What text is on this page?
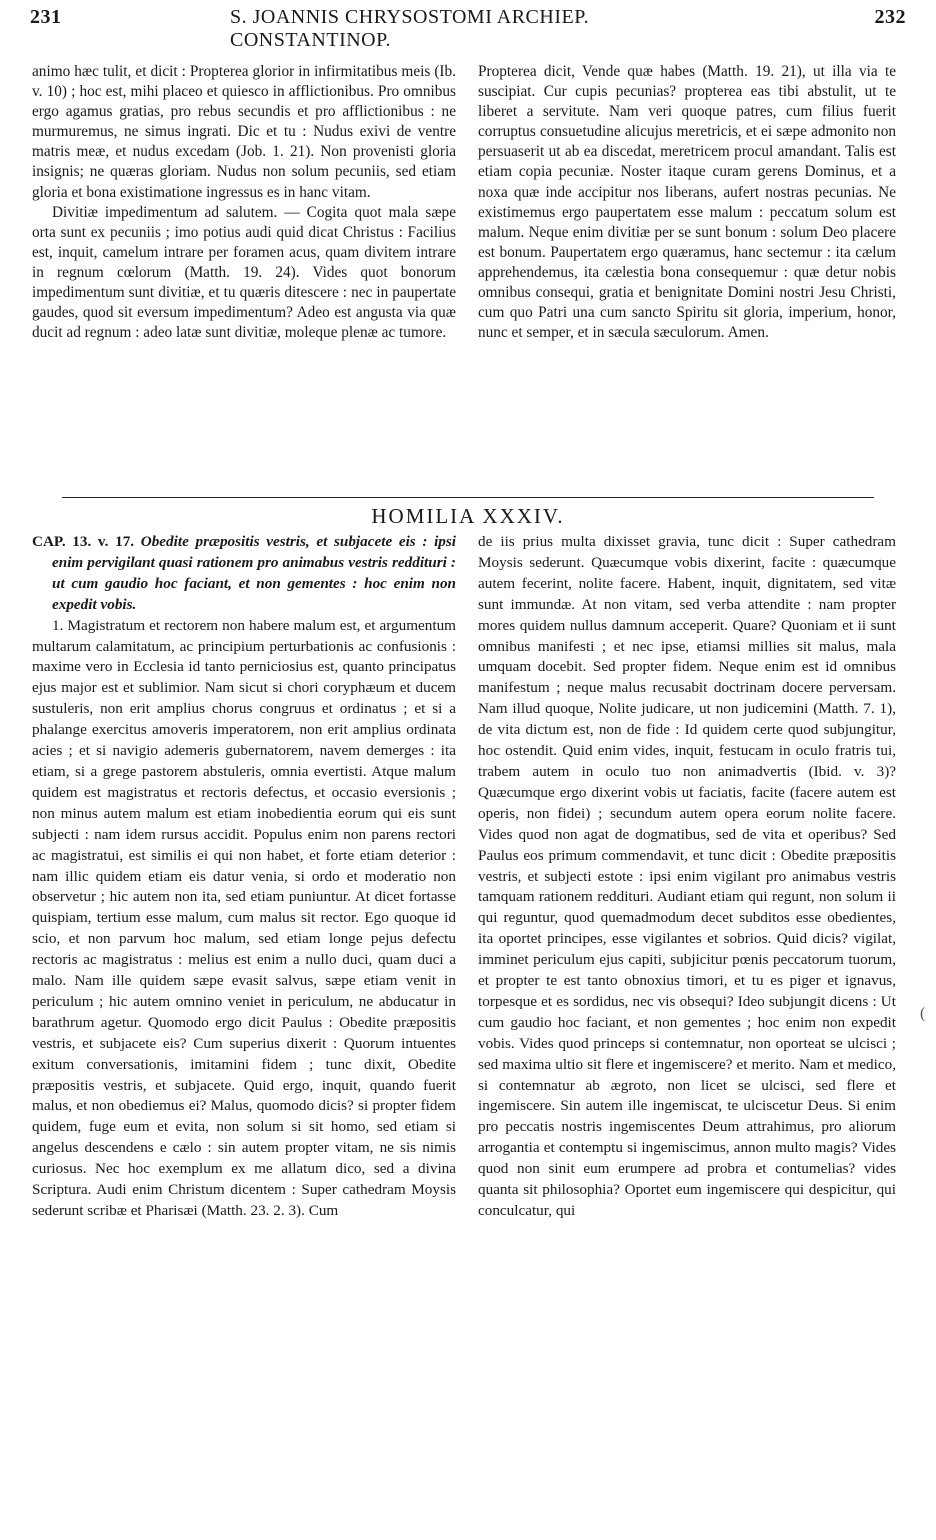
231	S. JOANNIS CHRYSOSTOMI ARCHIEP. CONSTANTINOP.
232

animo hæc tulit, et dicit : Propterea glorior in infirmitatibus meis (Ib. v. 10) ; hoc est, mihi placeo et quiesco in afflictionibus. Pro omnibus ergo agamus gratias, pro rebus secundis et pro afflictionibus : ne murmuremus, ne simus ingrati. Dic et tu : Nudus exivi de ventre matris meæ, et nudus excedam (Job. 1. 21). Non provenisti gloria insignis; ne quæras gloriam. Nudus non solum pecuniis, sed etiam gloria et bona existimatione ingressus es in hanc vitam.

Divitiæ impedimentum ad salutem. — Cogita quot mala sæpe orta sunt ex pecuniis ; imo potius audi quid dicat Christus : Facilius est, inquit, camelum intrare per foramen acus, quam divitem intrare in regnum cœlorum (Matth. 19. 24). Vides quot bonorum impedimentum sunt divitiæ, et tu quæris ditescere : nec in paupertate gaudes, quod sit eversum impedimentum? Adeo est angusta via quæ ducit ad regnum : adeo latæ sunt divitiæ, moleque plenæ ac tumore.

Propterea dicit, Vende quæ habes (Matth. 19. 21), ut illa via te suscipiat. Cur cupis pecunias? propterea eas tibi abstulit, ut te liberet a servitute. Nam veri quoque patres, cum filius fuerit corruptus consuetudine alicujus meretricis, et ei sæpe admonito non persuaserit ut ab ea discedat, meretricem procul amandant. Talis est etiam copia pecuniæ. Noster itaque curam gerens Dominus, et a noxa quæ inde accipitur nos liberans, aufert nostras pecunias. Ne existimemus ergo paupertatem esse malum : peccatum solum est malum. Neque enim divitiæ per se sunt bonum : solum Deo placere est bonum. Paupertatem ergo quæramus, hanc sectemur : ita cælum apprehendemus, ita cælestia bona consequemur : quæ detur nobis omnibus consequi, gratia et benignitate Domini nostri Jesu Christi, cum quo Patri una cum sancto Spiritu sit gloria, imperium, honor, nunc et semper, et in sæcula sæculorum. Amen.

HOMILIA XXXIV.

CAP. 13. v. 17. Obedite præpositis vestris, et subjacete eis : ipsi enim pervigilant quasi rationem pro animabus vestris reddituri : ut cum gaudio hoc faciant, et non gementes : hoc enim non expedit vobis.

1. Magistratum et rectorem non habere malum est, et argumentum multarum calamitatum, ac principium perturbationis ac confusionis : maxime vero in Ecclesia id tanto perniciosius est, quanto principatus ejus major est et sublimior. Nam sicut si chori coryphæum et ducem sustuleris, non erit amplius chorus congruus et ordinatus ; et si a phalange exercitus amoveris imperatorem, non erit amplius ordinata acies ; et si navigio ademeris gubernatorem, navem demerges : ita etiam, si a grege pastorem abstuleris, omnia evertisti. Atque malum quidem est magistratus et rectoris defectus, et occasio eversionis ; non minus autem malum est etiam inobedientia eorum qui eis sunt subjecti : nam idem rursus accidit. Populus enim non parens rectori ac magistratui, est similis ei qui non habet, et forte etiam deterior : nam illic quidem etiam eis datur venia, si ordo et moderatio non observetur ; hic autem non ita, sed etiam puniuntur. At dicet fortasse quispiam, tertium esse malum, cum malus sit rector. Ego quoque id scio, et non parvum hoc malum, sed etiam longe pejus defectu rectoris ac magistratus : melius est enim a nullo duci, quam duci a malo. Nam ille quidem sæpe evasit salvus, sæpe etiam venit in periculum ; hic autem omnino veniet in periculum, ne abducatur in barathrum agetur. Quomodo ergo dicit Paulus : Obedite præpositis vestris, et subjacete eis? Cum superius dixerit : Quorum intuentes exitum conversationis, imitamini fidem ; tunc dixit, Obedite præpositis vestris, et subjacete. Quid ergo, inquit, quando fuerit malus, et non obediemus ei? Malus, quomodo dicis? si propter fidem quidem, fuge eum et evita, non solum si sit homo, sed etiam si angelus descendens e cælo : sin autem propter vitam, ne sis nimis curiosus. Nec hoc exemplum ex me allatum dico, sed a divina Scriptura. Audi enim Christum dicentem : Super cathedram Moysis sederunt scribæ et Pharisæi (Matth. 23. 2. 3). Cum

de iis prius multa dixisset gravia, tunc dicit : Super cathedram Moysis sederunt. Quæcumque vobis dixerint, facite : quæcumque autem fecerint, nolite facere. Habent, inquit, dignitatem, sed vitæ sunt immundæ. At non vitam, sed verba attendite : nam propter mores quidem nullus damnum acceperit. Quare? Quoniam et ii sunt omnibus manifesti ; et nec ipse, etiamsi millies sit malus, mala umquam docebit. Sed propter fidem. Neque enim est id omnibus manifestum ; neque malus recusabit doctrinam docere perversam. Nam illud quoque, Nolite judicare, ut non judicemini (Matth. 7. 1), de vita dictum est, non de fide : Id quidem certe quod subjungitur, hoc ostendit. Quid enim vides, inquit, festucam in oculo fratris tui, trabem autem in oculo tuo non animadvertis (Ibid. v. 3)? Quæcumque ergo dixerint vobis ut faciatis, facite (facere autem est operis, non fidei) ; secundum autem opera eorum nolite facere. Vides quod non agat de dogmatibus, sed de vita et operibus? Sed Paulus eos primum commendavit, et tunc dicit : Obedite præpositis vestris, et subjecti estote : ipsi enim vigilant pro animabus vestris tamquam rationem reddituri. Audiant etiam qui regunt, non solum ii qui reguntur, quod quemadmodum decet subditos esse obedientes, ita oportet principes, esse vigilantes et sobrios. Quid dicis? vigilat, imminet periculum ejus capiti, subjicitur pœnis peccatorum tuorum, et propter te est tanto obnoxius timori, et tu es piger et ignavus, torpesque et es sordidus, nec vis obsequi? Ideo subjungit dicens : Ut cum gaudio hoc faciant, et non gementes ; hoc enim non expedit vobis. Vides quod princeps si contemnatur, non oporteat se ulcisci ; sed maxima ultio sit flere et ingemiscere? et merito. Nam et medico, si contemnatur ab ægroto, non licet se ulcisci, sed flere et ingemiscere. Sin autem ille ingemiscat, te ulciscetur Deus. Si enim pro peccatis nostris ingemiscentes Deum attrahimus, pro aliorum arrogantia et contemptu si ingemiscimus, annon multo magis? Vides quod non sinit eum erumpere ad probra et contumelias? vides quanta sit philosophia? Oportet eum ingemiscere qui despicitur, qui conculcatur, qui

(
